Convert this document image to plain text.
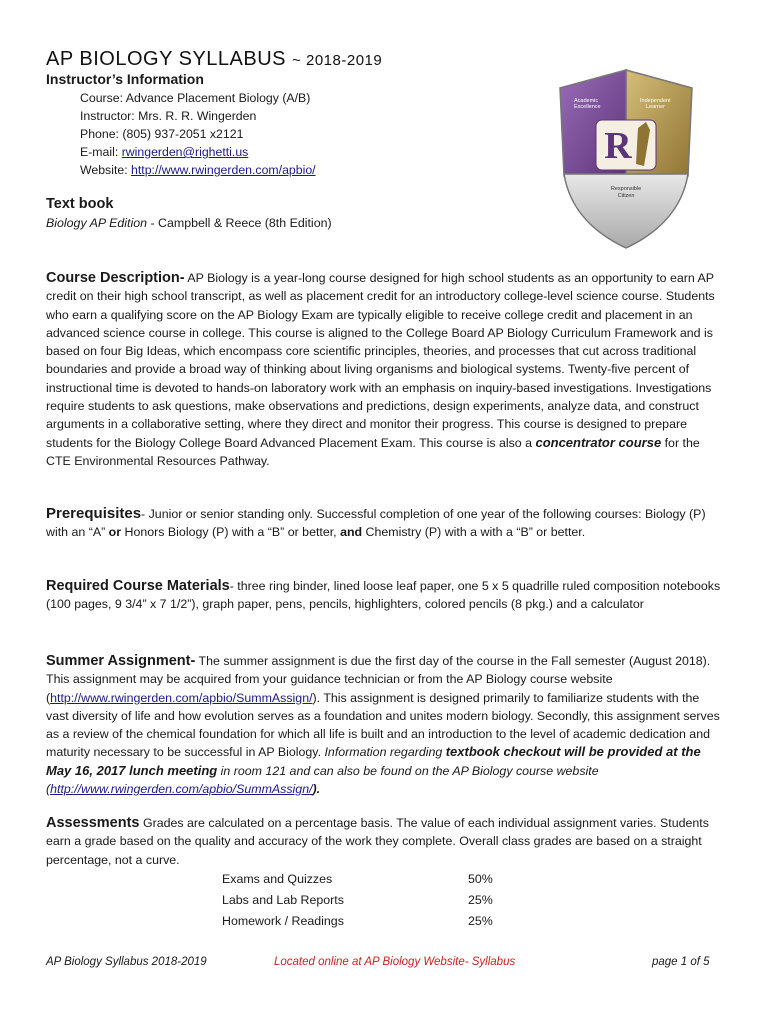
AP BIOLOGY SYLLABUS ~ 2018-2019
Instructor’s Information
Course: Advance Placement Biology (A/B)
Instructor: Mrs. R. R. Wingerden
Phone: (805) 937-2051 x2121
E-mail: rwingerden@righetti.us
Website: http://www.rwingerden.com/apbio/
R
Academic Excellence
Independent Learner
Responsible Citizen
Text book
Biology AP Edition - Campbell & Reece (8th Edition)
Course Description- AP Biology is a year-long course designed for high school students as an opportunity to earn AP credit on their high school transcript, as well as placement credit for an introductory college-level science course. Students who earn a qualifying score on the AP Biology Exam are typically eligible to receive college credit and placement in an advanced science course in college. This course is aligned to the College Board AP Biology Curriculum Framework and is based on four Big Ideas, which encompass core scientific principles, theories, and processes that cut across traditional boundaries and provide a broad way of thinking about living organisms and biological systems. Twenty-five percent of instructional time is devoted to hands-on laboratory work with an emphasis on inquiry-based investigations. Investigations require students to ask questions, make observations and predictions, design experiments, analyze data, and construct arguments in a collaborative setting, where they direct and monitor their progress. This course is designed to prepare students for the Biology College Board Advanced Placement Exam. This course is also a concentrator course for the CTE Environmental Resources Pathway.
Prerequisites- Junior or senior standing only. Successful completion of one year of the following courses: Biology (P) with an “A” or Honors Biology (P) with a “B” or better, and Chemistry (P) with a with a “B” or better.
Required Course Materials- three ring binder, lined loose leaf paper, one 5 x 5 quadrille ruled composition notebooks (100 pages, 9 3/4” x 7 1/2”), graph paper, pens, pencils, highlighters, colored pencils (8 pkg.) and a calculator
Summer Assignment- The summer assignment is due the first day of the course in the Fall semester (August 2018). This assignment may be acquired from your guidance technician or from the AP Biology course website (http://www.rwingerden.com/apbio/SummAssign/). This assignment is designed primarily to familiarize students with the vast diversity of life and how evolution serves as a foundation and unites modern biology. Secondly, this assignment serves as a review of the chemical foundation for which all life is built and an introduction to the level of academic dedication and maturity necessary to be successful in AP Biology. Information regarding textbook checkout will be provided at the May 16, 2017 lunch meeting in room 121 and can also be found on the AP Biology course website (http://www.rwingerden.com/apbio/SummAssign/).
Assessments Grades are calculated on a percentage basis. The value of each individual assignment varies. Students earn a grade based on the quality and accuracy of the work they complete. Overall class grades are based on a straight percentage, not a curve.
Exams and Quizzes	50%
Labs and Lab Reports	25%
Homework / Readings	25%
AP Biology Syllabus 2018-2019	Located online at AP Biology Website- Syllabus	page 1 of 5
